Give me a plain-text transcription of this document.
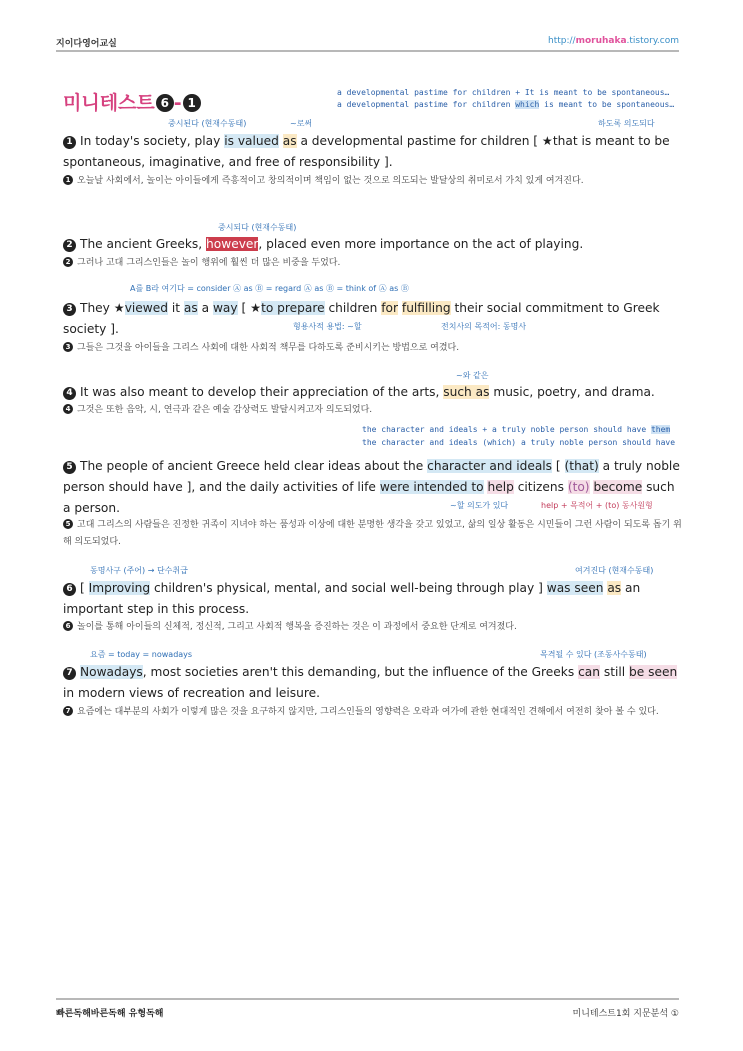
지이다영어교실	http://moruhaka.tistory.com
미니테스트 6 - 1
a developmental pastime for children + It is meant to be spontaneous…
a developmental pastime for children which is meant to be spontaneous…
중시된다 (현재수동태)	~로써	하도록 의도되다
1 In today's society, play is valued as a developmental pastime for children [ ★that is meant to be spontaneous, imaginative, and free of responsibility ].
1 오늘날 사회에서, 놀이는 아이들에게 즉흥적이고 창의적이며 책임이 없는 것으로 의도되는 발달상의 취미로서 가치 있게 여겨진다.
중시되다 (현재수동태)
2 The ancient Greeks, however, placed even more importance on the act of playing.
2 그러나 고대 그리스인들은 놀이 행위에 훨씬 더 많은 비중을 두었다.
A를 B라 여기다 = consider Ⓐ as Ⓑ = regard Ⓐ as Ⓑ = think of Ⓐ as Ⓑ
3 They ★viewed it as a way [ ★to prepare children for fulfilling their social commitment to Greek society ].	형용사적 용법: ~할	전치사의 목적어: 동명사
3 그들은 그것을 아이들을 그리스 사회에 대한 사회적 책무를 다하도록 준비시키는 방법으로 여겼다.
~와 같은
4 It was also meant to develop their appreciation of the arts, such as music, poetry, and drama.
4 그것은 또한 음악, 시, 연극과 같은 예술 감상력도 발달시켜고자 의도되었다.
the character and ideals + a truly noble person should have them
the character and ideals (which) a truly noble person should have
5 The people of ancient Greece held clear ideas about the character and ideals [ (that) a truly noble person should have ], and the daily activities of life were intended to help citizens (to) become such a person.	~할 의도가 있다	help + 목적어 + (to) 동사원형
5 고대 그리스의 사람들은 진정한 귀족이 지녀야 하는 품성과 이상에 대한 분명한 생각을 갖고 있었고, 삶의 일상 활동은 시민들이 그런 사람이 되도록 돕기 위해 의도되었다.
동명사구 (주어) → 단수취급	여겨진다 (현재수동태)
6 [ Improving children's physical, mental, and social well-being through play ] was seen as an important step in this process.
6 놀이를 통해 아이들의 신체적, 정신적, 그리고 사회적 행복을 증진하는 것은 이 과정에서 중요한 단계로 여겨졌다.
요즘 = today = nowadays	목격될 수 있다 (조동사수동태)
7 Nowadays, most societies aren't this demanding, but the influence of the Greeks can still be seen in modern views of recreation and leisure.
7 요즘에는 대부분의 사회가 이렇게 많은 것을 요구하지 않지만, 그리스인들의 영향력은 오락과 여가에 관한 현대적인 견해에서 여전히 찾아 볼 수 있다.
빠른독해바른독해 유형독해	미니테스트1회 지문분석 ①
